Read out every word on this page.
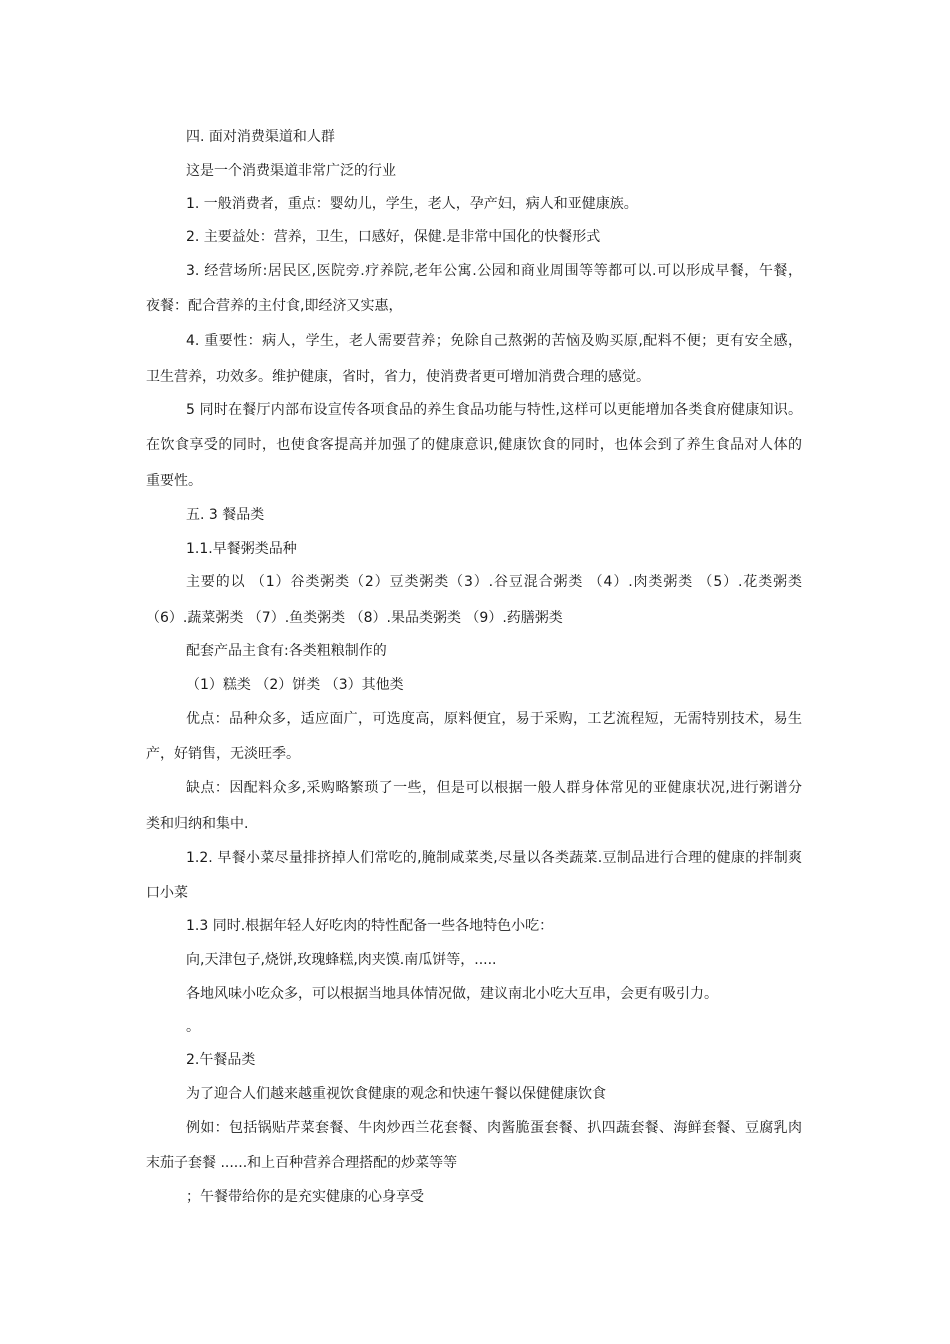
四. 面对消费渠道和人群
这是一个消费渠道非常广泛的行业
1. 一般消费者，重点：婴幼儿，学生，老人，孕产妇，病人和亚健康族。
2. 主要益处：营养，卫生，口感好，保健.是非常中国化的快餐形式
3. 经营场所:居民区,医院旁.疗养院,老年公寓.公园和商业周围等等都可以.可以形成早餐，午餐，
夜餐：配合营养的主付食,即经济又实惠，
4. 重要性：病人，学生，老人需要营养；免除自己熬粥的苦恼及购买原,配料不便；更有安全感，
卫生营养，功效多。维护健康，省时，省力，使消费者更可增加消费合理的感觉。
5 同时在餐厅内部布设宣传各项食品的养生食品功能与特性,这样可以更能增加各类食府健康知识。
在饮食享受的同时，也使食客提高并加强了的健康意识,健康饮食的同时，也体会到了养生食品对人体的
重要性。
五. 3 餐品类
1.1.早餐粥类品种
主要的以 （1）谷类粥类（2）豆类粥类（3）.谷豆混合粥类 （4）.肉类粥类 （5）.花类粥类
（6）.蔬菜粥类 （7）.鱼类粥类 （8）.果品类粥类 （9）.药膳粥类
配套产品主食有:各类粗粮制作的
（1）糕类 （2）饼类 （3）其他类
优点：品种众多，适应面广，可选度高，原料便宜，易于采购，工艺流程短，无需特别技术，易生
产，好销售，无淡旺季。
缺点：因配料众多,采购略繁琐了一些，但是可以根据一般人群身体常见的亚健康状况,进行粥谱分
类和归纳和集中.
1.2. 早餐小菜尽量排挤掉人们常吃的,腌制咸菜类,尽量以各类蔬菜.豆制品进行合理的健康的拌制爽
口小菜
1.3 同时.根据年轻人好吃肉的特性配备一些各地特色小吃：
向,天津包子,烧饼,玫瑰蜂糕,肉夹馍.南瓜饼等，.....
各地风味小吃众多，可以根据当地具体情况做，建议南北小吃大互串，会更有吸引力。
。
2.午餐品类
为了迎合人们越来越重视饮食健康的观念和快速午餐以保健健康饮食
例如：包括锅贴芹菜套餐、牛肉炒西兰花套餐、肉酱脆蛋套餐、扒四蔬套餐、海鲜套餐、豆腐乳肉
末茄子套餐 ......和上百种营养合理搭配的炒菜等等
；午餐带给你的是充实健康的心身享受
